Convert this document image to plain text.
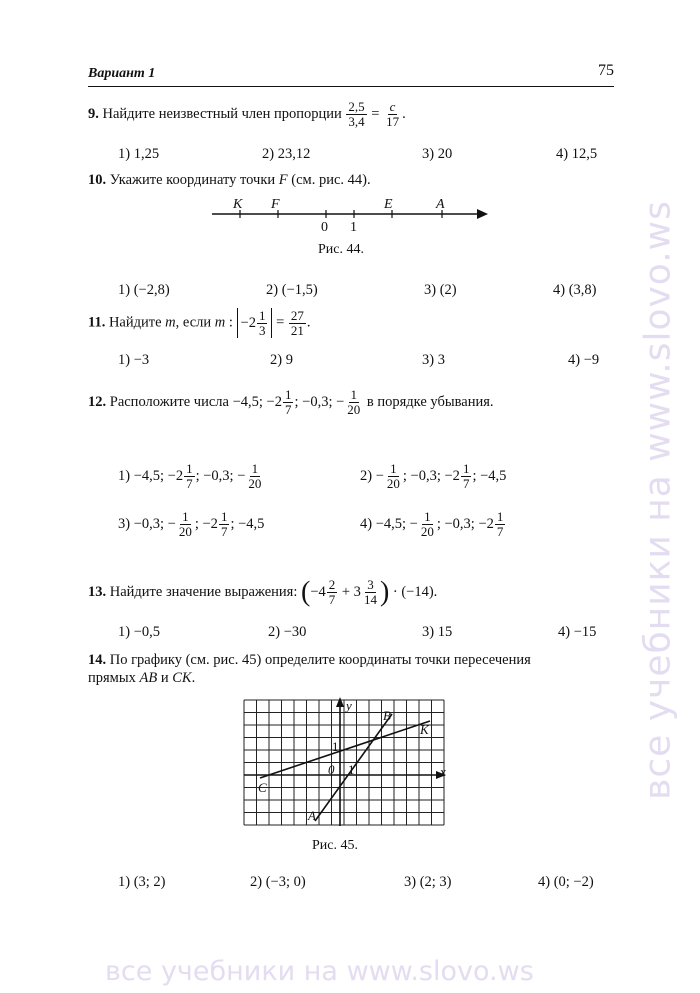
Вариант 1	75
9. Найдите неизвестный член пропорции $\frac{2,5}{3,4} = \frac{c}{17}$ .
1) 1,25	2) 23,12	3) 20	4) 12,5
10. Укажите координату точки F (см. рис. 44).
K F	E	A
0 1
Рис. 44.
1) (−2,8)	2) (−1,5)	3) (2)	4) (3,8)
11. Найдите m, если m : $-2 \frac{1}{3} = \frac{27}{21}$ .
1) −3	2) 9	3) 3	4) −9
12. Расположите числа −4,5; $-2 \frac{1}{7}$ ; −0,3; − $\frac{1}{20}$ в порядке убывания.
1) −4,5; $-2 \frac{1}{7}$ ; −0,3; − $\frac{1}{20}$	$2) - \frac{1}{20}$ ; −0,3; $-2 \frac{1}{7}$ ; −4,5
3) −0,3; − $\frac{1}{20}$ ; $-2 \frac{1}{7}$ ; −4,5	4) −4,5; − $\frac{1}{20}$ ; −0,3; $-2 \frac{1}{7}$
13. Найдите значение выражения: ($-4 \frac{2}{7} + 3 \frac{3}{14}$ ) · (−14).
1) −0,5	2) −30	3) 15	4) −15
14. По графику (см. рис. 45) определите координаты точки пересечения
прямых AB и CK.
y
B
K
1
0 1	x
C
A
Рис. 45.
1) (3; 2)	2) (−3; 0)	3) (2; 3)	4) (0; −2)
все учебники на www.slovo.ws
все учебники на www.slovo.ws
